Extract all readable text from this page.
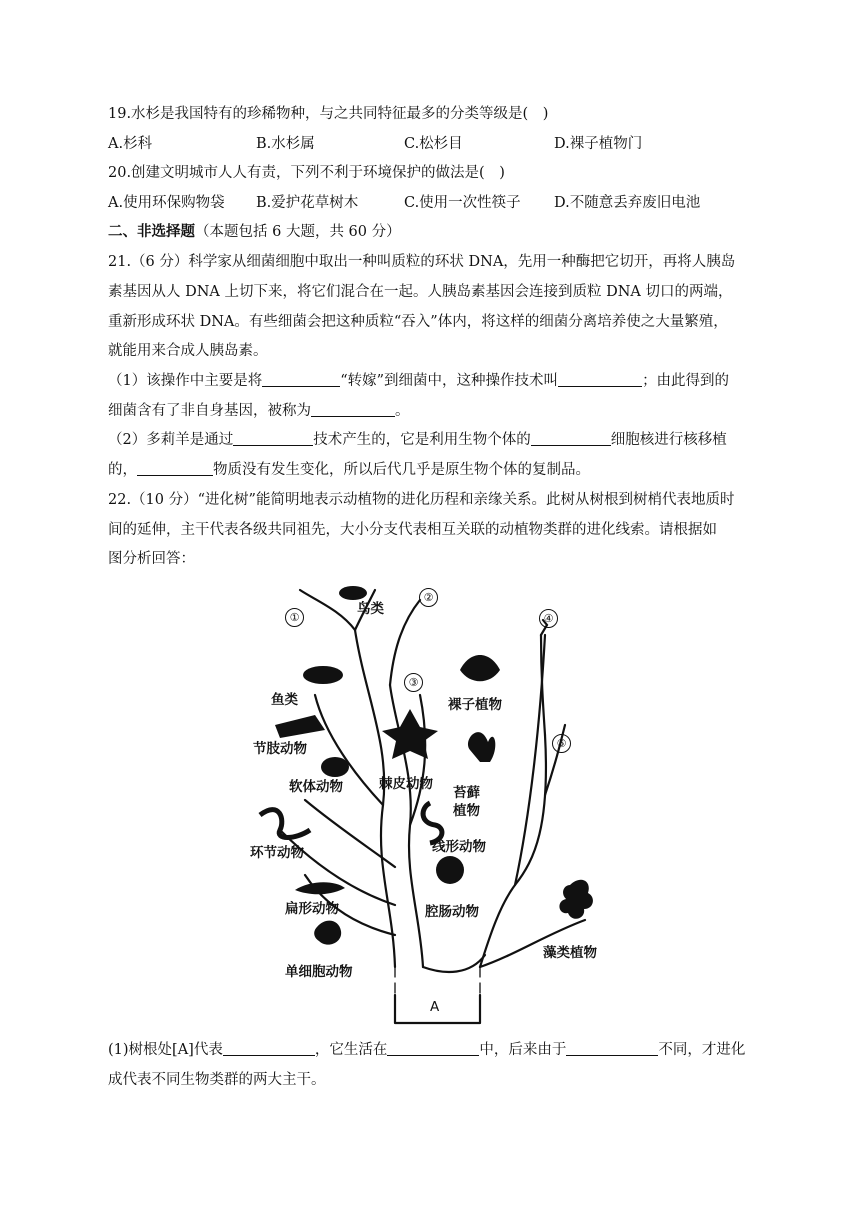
19.水杉是我国特有的珍稀物种，与之共同特征最多的分类等级是(　)
A.杉科	B.水杉属	C.松杉目	D.裸子植物门
20.创建文明城市人人有责，下列不利于环境保护的做法是(　)
A.使用环保购物袋 B.爱护花草树木	C.使用一次性筷子 D.不随意丢弃废旧电池
二、非选择题（本题包括 6 大题，共 60 分）
21.（6 分）科学家从细菌细胞中取出一种叫质粒的环状 DNA，先用一种酶把它切开，再将人胰岛
素基因从人 DNA 上切下来，将它们混合在一起。人胰岛素基因会连接到质粒 DNA 切口的两端，
重新形成环状 DNA。有些细菌会把这种质粒“吞入”体内，将这样的细菌分离培养使之大量繁殖，
就能用来合成人胰岛素。
（1）该操作中主要是将	“转嫁”到细菌中，这种操作技术叫	；由此得到的
细菌含有了非自身基因，被称为	。
（2）多莉羊是通过	技术产生的，它是利用生物个体的	细胞核进行核移植
的，	物质没有发生变化，所以后代几乎是原生物个体的复制品。
22.（10 分）“进化树”能简明地表示动植物的进化历程和亲缘关系。此树从树根到树梢代表地质时
间的延伸，主干代表各级共同祖先，大小分支代表相互关联的动植物类群的进化线索。请根据如
图分析回答：
鸟类
鱼类
节肢动物
软体动物	棘皮动物
环节动物	线形动物
扁形动物	腔肠动物
单细胞动物
裸子植物
苔藓
植物
藻类植物
A
①
②
③
④
⑤
(1)树根处[A]代表	，它生活在	中，后来由于	不同，才进化
成代表不同生物类群的两大主干。
